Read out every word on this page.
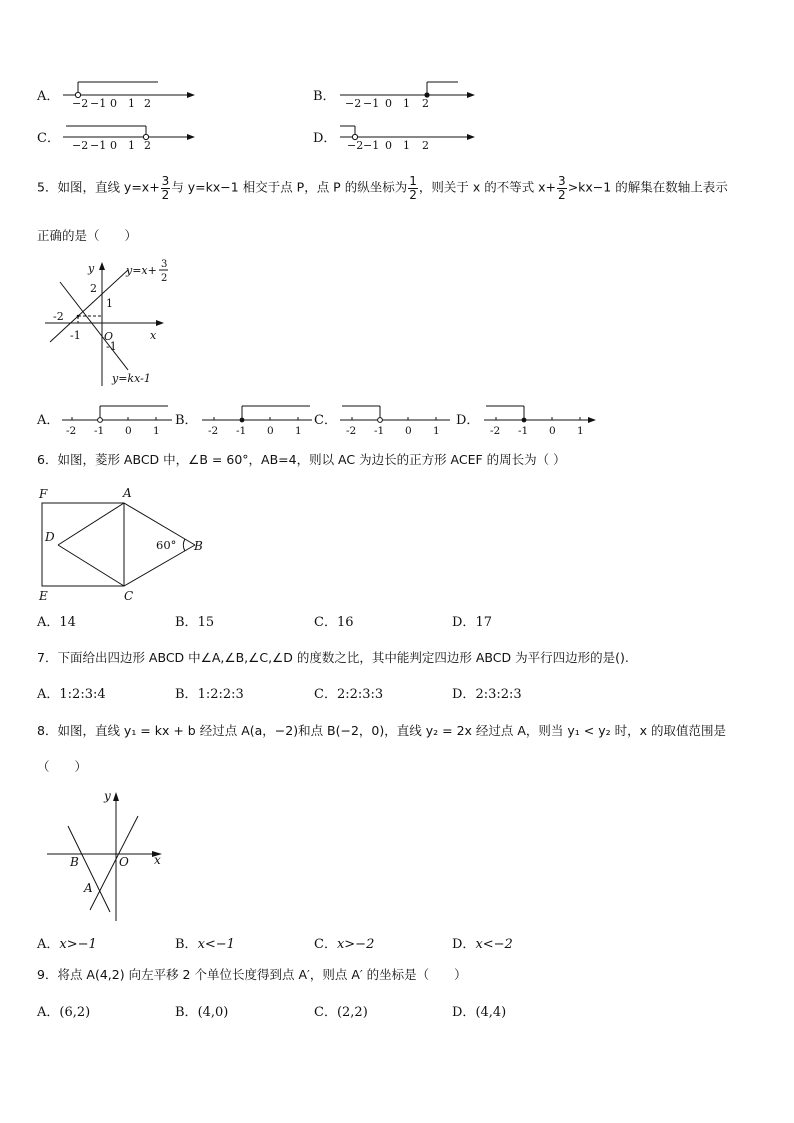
A． −2 −1 0 1 2	B． −2 −1 0 1 2
C． −2 −1 0 1 2	D． −2 −1 0 1 2
5．如图，直线 $y=x+ \frac{3}{2}$ 与 y=kx−1 相交于点 P，点 P 的纵坐标为 $\frac{1}{2}$ ，则关于 x 的不等式 $x+ \frac{3}{2} >kx-1$ 的解集在数轴上表示
正确的是（　　）
y
x
O
2
1
-1
-2
-1
y=x+ 3
2
y=kx-1
A．
-2 -1 0 1
B．
-2 -1 0 1
C．
-2 -1 0 1
D．
-2 -1 0 1
6．如图，菱形 ABCD 中，∠B = 60°，AB=4，则以 AC 为边长的正方形 ACEF 的周长为（ ）
F	A
D
B
E	C
60°
A．14	B．15	C．16	D．17
7．下面给出四边形 ABCD 中∠A,∠B,∠C,∠D 的度数之比，其中能判定四边形 ABCD 为平行四边形的是().
A．1:2:3:4	B．1:2:2:3	C．2:2:3:3	D．2:3:2:3
8．如图，直线 y₁ = kx + b 经过点 A(a，−2)和点 B(−2，0)，直线 y₂ = 2x 经过点 A，则当 y₁ < y₂ 时，x 的取值范围是
（　　）
y
x
O
B
A
A．x>−1	B．x<−1	C．x>−2	D．x<−2
9．将点 A(4,2) 向左平移 2 个单位长度得到点 A′，则点 A′ 的坐标是（　　）
A．(6,2)	B．(4,0)	C．(2,2)	D．(4,4)
